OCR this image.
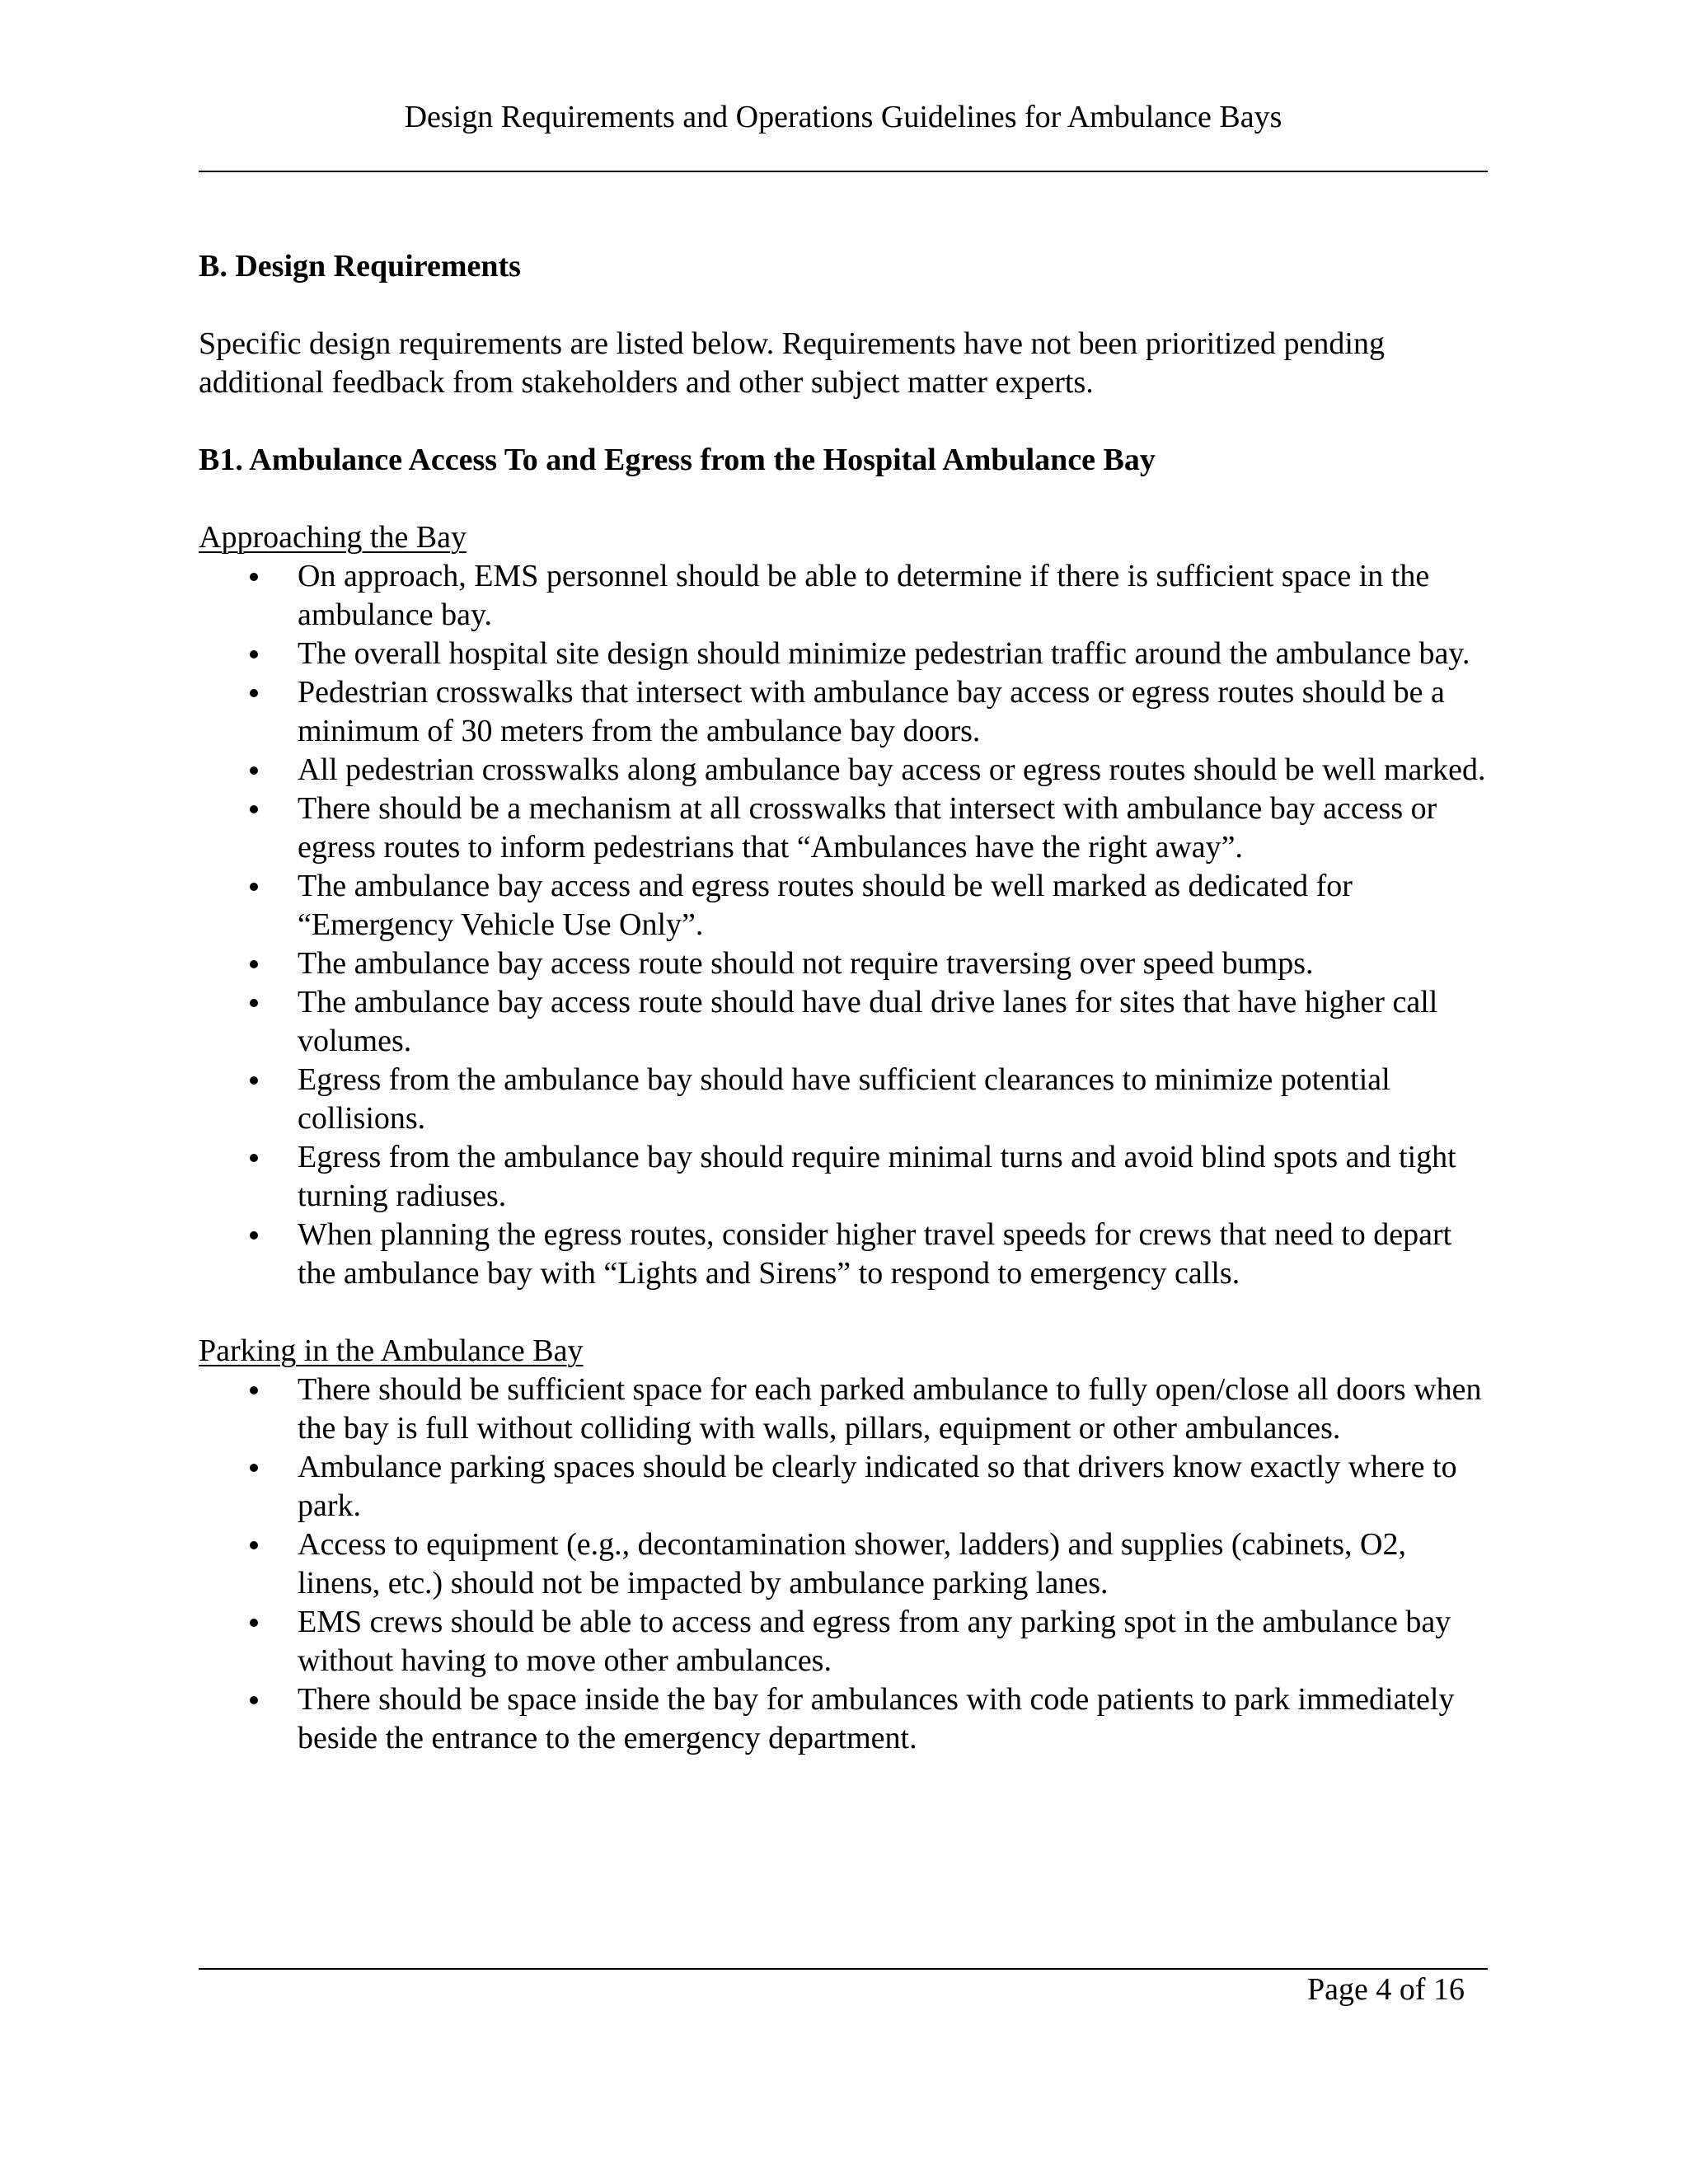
Design Requirements and Operations Guidelines for Ambulance Bays
B. Design Requirements

Specific design requirements are listed below. Requirements have not been prioritized pending additional feedback from stakeholders and other subject matter experts.

B1. Ambulance Access To and Egress from the Hospital Ambulance Bay

Approaching the Bay

On approach, EMS personnel should be able to determine if there is sufficient space in the ambulance bay.
The overall hospital site design should minimize pedestrian traffic around the ambulance bay.
Pedestrian crosswalks that intersect with ambulance bay access or egress routes should be a minimum of 30 meters from the ambulance bay doors.
All pedestrian crosswalks along ambulance bay access or egress routes should be well marked.
There should be a mechanism at all crosswalks that intersect with ambulance bay access or egress routes to inform pedestrians that “Ambulances have the right away”.
The ambulance bay access and egress routes should be well marked as dedicated for “Emergency Vehicle Use Only”.
The ambulance bay access route should not require traversing over speed bumps.
The ambulance bay access route should have dual drive lanes for sites that have higher call volumes.
Egress from the ambulance bay should have sufficient clearances to minimize potential collisions.
Egress from the ambulance bay should require minimal turns and avoid blind spots and tight turning radiuses.
When planning the egress routes, consider higher travel speeds for crews that need to depart the ambulance bay with “Lights and Sirens” to respond to emergency calls.

Parking in the Ambulance Bay

There should be sufficient space for each parked ambulance to fully open/close all doors when the bay is full without colliding with walls, pillars, equipment or other ambulances.
Ambulance parking spaces should be clearly indicated so that drivers know exactly where to park.
Access to equipment (e.g., decontamination shower, ladders) and supplies (cabinets, O2, linens, etc.) should not be impacted by ambulance parking lanes.
EMS crews should be able to access and egress from any parking spot in the ambulance bay without having to move other ambulances.
There should be space inside the bay for ambulances with code patients to park immediately beside the entrance to the emergency department.
Page 4 of 16
